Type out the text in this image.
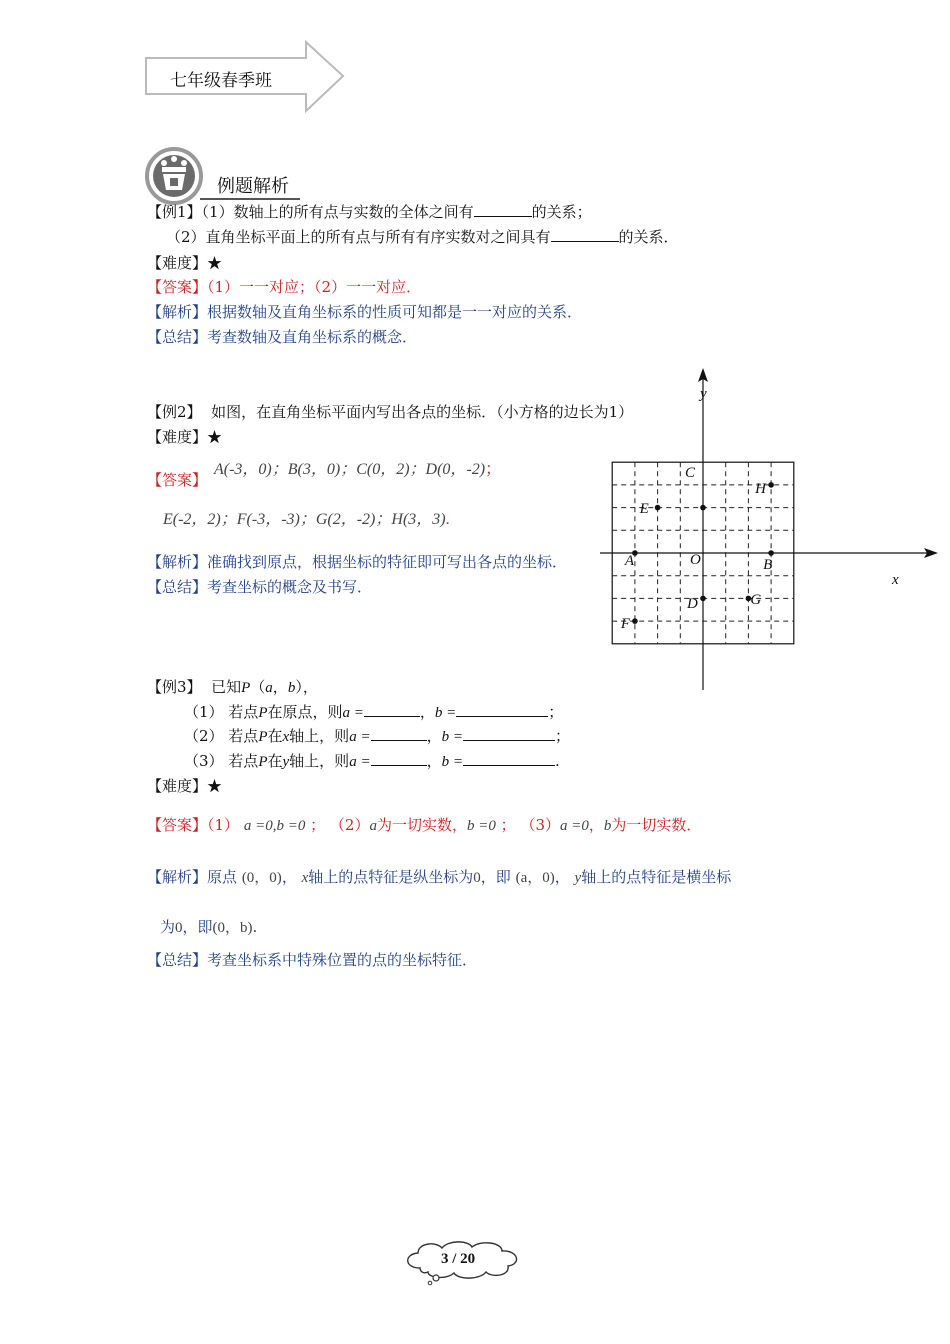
七年级春季班
例题解析
【例1】（1）数轴上的所有点与实数的全体之间有	的关系；
（2）直角坐标平面上的所有点与所有有序实数对之间具有	的关系．
【难度】★
【答案】（1）一一对应；（2）一一对应．
【解析】根据数轴及直角坐标系的性质可知都是一一对应的关系．
【总结】考查数轴及直角坐标系的概念．
【例2】 如图，在直角坐标平面内写出各点的坐标．（小方格的边长为1）
【难度】★
【答案】
A(-3，0)；B(3，0)；C(0，2)；D(0，-2)；
E(-2，2)；F(-3，-3)；G(2，-2)；H(3，3).
【解析】准确找到原点，根据坐标的特征即可写出各点的坐标．
【总结】考查坐标的概念及书写．
y
x
O
A	B
C
D
E
F
G
H
【例3】 已知P（a，b），
（1） 若点P在原点，则a =	，b =	；
（2） 若点P在x轴上，则a =	，b =	；
（3） 若点P在y轴上，则a =	，b =	.
【难度】★
【答案】（1） a =0,b =0 ； （2）a为一切实数，b =0 ； （3）a =0，b为一切实数．
【解析】原点 (0，0)， x轴上的点特征是纵坐标为0，即 (a，0)， y轴上的点特征是横坐标
为0，即(0，b).
【总结】考查坐标系中特殊位置的点的坐标特征．
3 / 20
